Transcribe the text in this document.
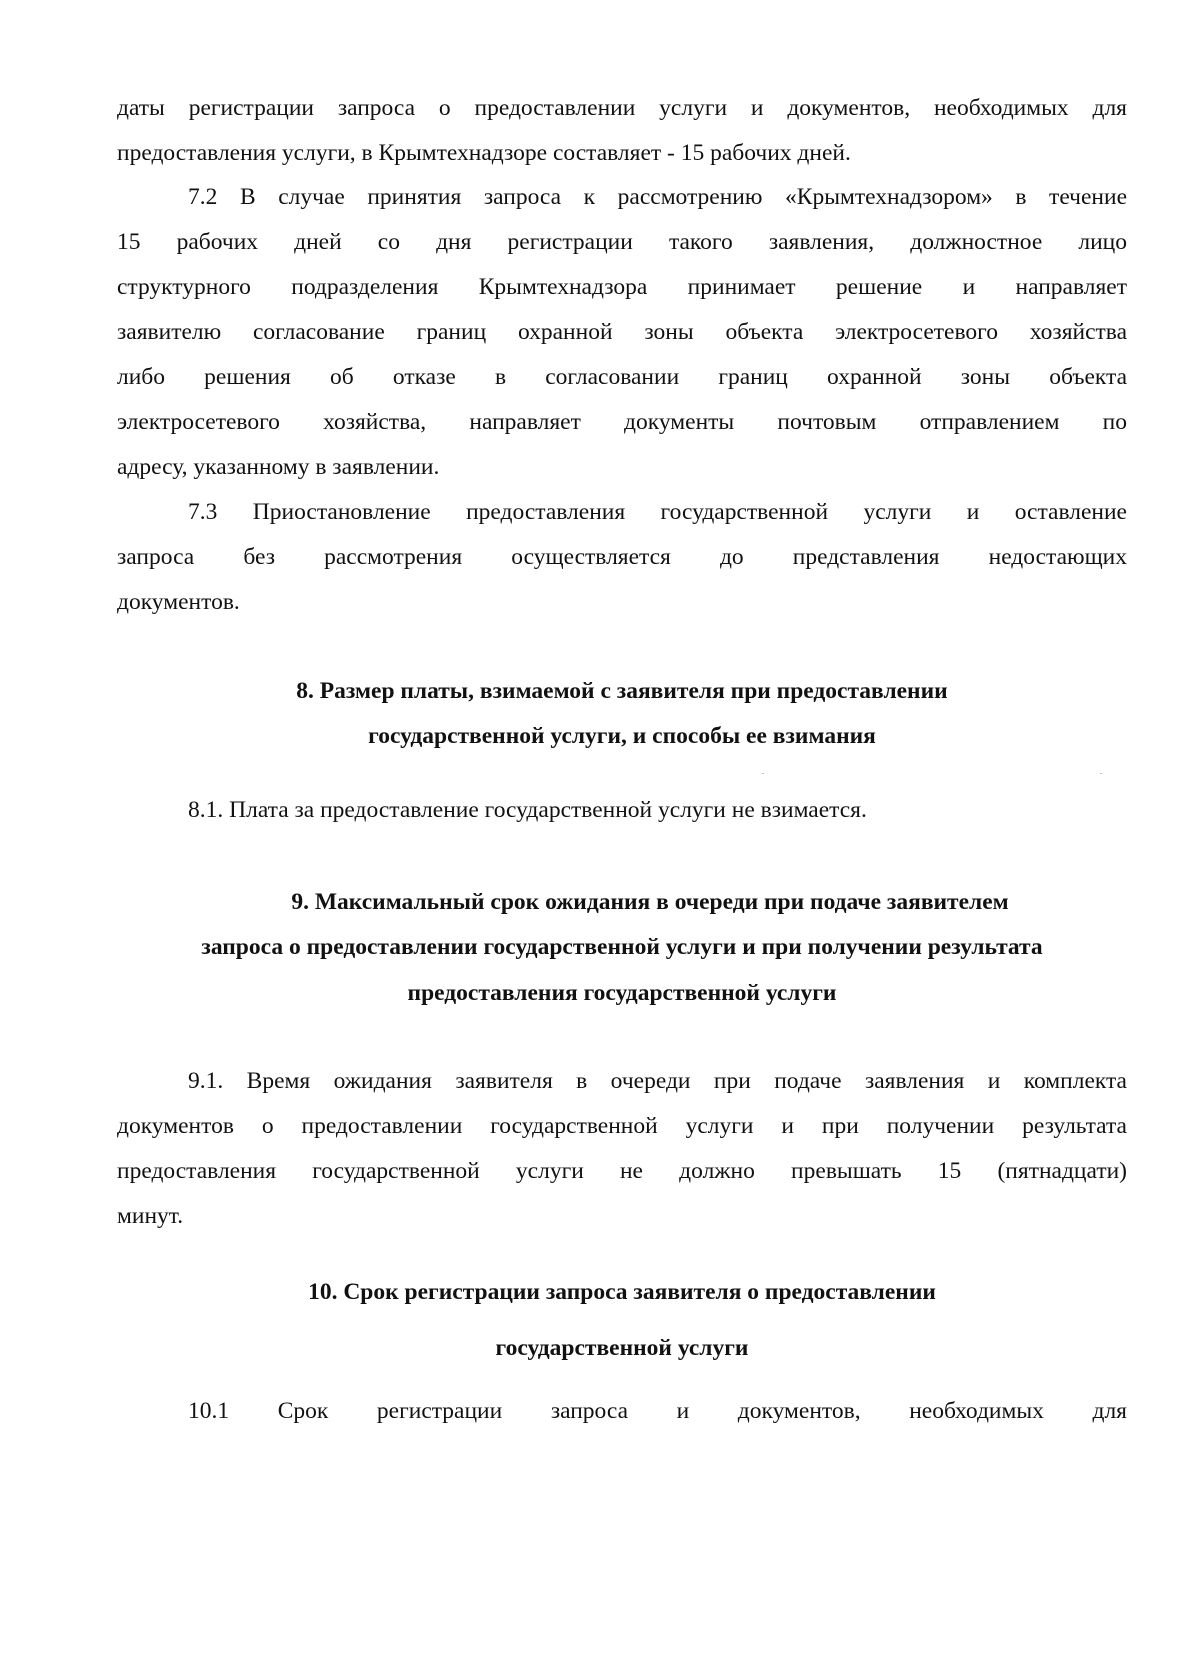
даты регистрации запроса о предоставлении услуги и документов, необходимых для
предоставления услуги, в Крымтехнадзоре составляет - 15 рабочих дней.
7.2 В случае принятия запроса к рассмотрению «Крымтехнадзором» в течение
15 рабочих дней со дня регистрации такого заявления, должностное лицо
структурного подразделения Крымтехнадзора принимает решение и направляет
заявителю согласование границ охранной зоны объекта электросетевого хозяйства
либо решения об отказе в согласовании границ охранной зоны объекта
электросетевого хозяйства, направляет документы почтовым отправлением по
адресу, указанному в заявлении.
7.3 Приостановление предоставления государственной услуги и оставление
запроса без рассмотрения осуществляется до представления недостающих
документов.
8. Размер платы, взимаемой с заявителя при предоставлении
государственной услуги, и способы ее взимания
8.1. Плата за предоставление государственной услуги не взимается.
9. Максимальный срок ожидания в очереди при подаче заявителем
запроса о предоставлении государственной услуги и при получении результата
предоставления государственной услуги
9.1. Время ожидания заявителя в очереди при подаче заявления и комплекта
документов о предоставлении государственной услуги и при получении результата
предоставления государственной услуги не должно превышать 15 (пятнадцати)
минут.
10. Срок регистрации запроса заявителя о предоставлении
государственной услуги
10.1 Срок регистрации запроса и документов, необходимых для
